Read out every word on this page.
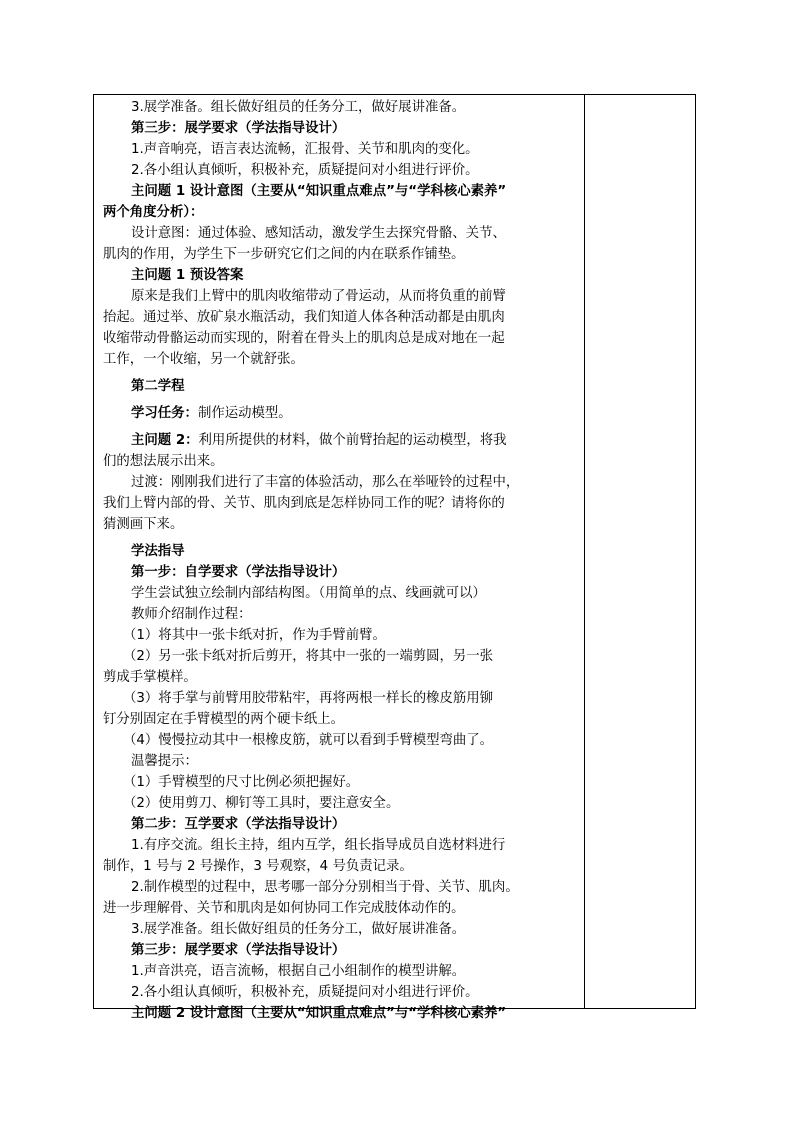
3.展学准备。组长做好组员的任务分工，做好展讲准备。
第三步：展学要求（学法指导设计）
1.声音响亮，语言表达流畅，汇报骨、关节和肌肉的变化。
2.各小组认真倾听，积极补充，质疑提问对小组进行评价。
主问题 1 设计意图（主要从“知识重点难点”与“学科核心素养”
两个角度分析）：
设计意图：通过体验、感知活动，激发学生去探究骨骼、关节、
肌肉的作用，为学生下一步研究它们之间的内在联系作铺垫。
主问题 1 预设答案
原来是我们上臂中的肌肉收缩带动了骨运动，从而将负重的前臂
抬起。通过举、放矿泉水瓶活动，我们知道人体各种活动都是由肌肉
收缩带动骨骼运动而实现的，附着在骨头上的肌肉总是成对地在一起
工作，一个收缩，另一个就舒张。
第二学程
学习任务：制作运动模型。
主问题 2：利用所提供的材料，做个前臂抬起的运动模型，将我
们的想法展示出来。
过渡：刚刚我们进行了丰富的体验活动，那么在举哑铃的过程中，
我们上臂内部的骨、关节、肌肉到底是怎样协同工作的呢？请将你的
猜测画下来。
学法指导
第一步：自学要求（学法指导设计）
学生尝试独立绘制内部结构图。（用简单的点、线画就可以）
教师介绍制作过程：
（1）将其中一张卡纸对折，作为手臂前臂。
（2）另一张卡纸对折后剪开，将其中一张的一端剪圆，另一张
剪成手掌模样。
（3）将手掌与前臂用胶带粘牢，再将两根一样长的橡皮筋用铆
钉分别固定在手臂模型的两个硬卡纸上。
（4）慢慢拉动其中一根橡皮筋，就可以看到手臂模型弯曲了。
温馨提示：
（1）手臂模型的尺寸比例必须把握好。
（2）使用剪刀、柳钉等工具时，要注意安全。
第二步：互学要求（学法指导设计）
1.有序交流。组长主持，组内互学，组长指导成员自选材料进行
制作，1 号与 2 号操作，3 号观察，4 号负责记录。
2.制作模型的过程中，思考哪一部分分别相当于骨、关节、肌肉。
进一步理解骨、关节和肌肉是如何协同工作完成肢体动作的。
3.展学准备。组长做好组员的任务分工，做好展讲准备。
第三步：展学要求（学法指导设计）
1.声音洪亮，语言流畅，根据自己小组制作的模型讲解。
2.各小组认真倾听，积极补充，质疑提问对小组进行评价。
主问题 2 设计意图（主要从“知识重点难点”与“学科核心素养”
